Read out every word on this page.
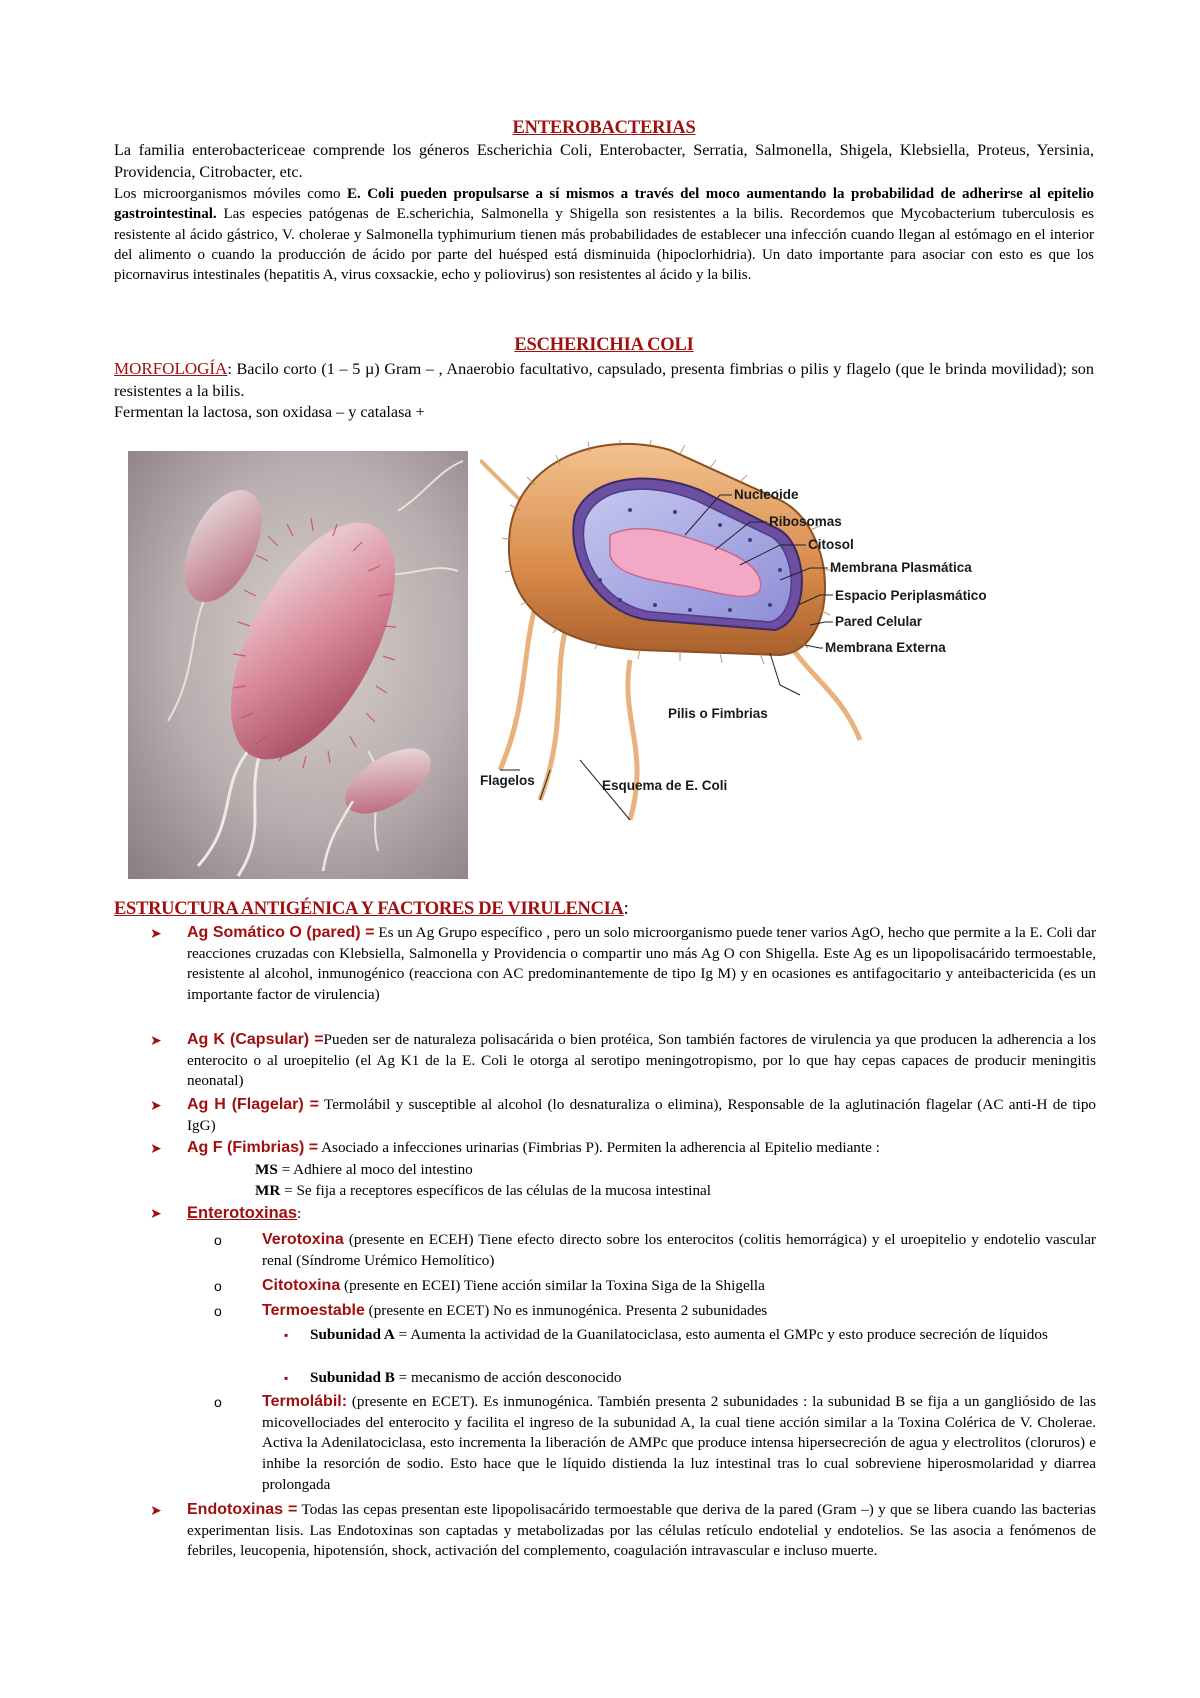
ENTEROBACTERIAS

La familia enterobactericeae comprende los géneros Escherichia Coli, Enterobacter, Serratia, Salmonella, Shigela, Klebsiella, Proteus, Yersinia, Providencia, Citrobacter, etc.

Los microorganismos móviles como E. Coli pueden propulsarse a sí mismos a través del moco aumentando la probabilidad de adherirse al epitelio gastrointestinal. Las especies patógenas de E.scherichia, Salmonella y Shigella son resistentes a la bilis. Recordemos que Mycobacterium tuberculosis es resistente al ácido gástrico, V. cholerae y Salmonella typhimurium tienen más probabilidades de establecer una infección cuando llegan al estómago en el interior del alimento o cuando la producción de ácido por parte del huésped está disminuida (hipoclorhidria). Un dato importante para asociar con esto es que los picornavirus intestinales (hepatitis A, virus coxsackie, echo y poliovirus) son resistentes al ácido y la bilis.

ESCHERICHIA COLI

MORFOLOGÍA: Bacilo corto (1 – 5 µ) Gram – , Anaerobio facultativo, capsulado, presenta fimbrias o pilis y flagelo (que le brinda movilidad); son resistentes a la bilis.

Fermentan la lactosa, son oxidasa – y catalasa +

Nucleoide
Ribosomas
Citosol
Membrana Plasmática
Espacio Periplasmático
Pared Celular
Membrana Externa
Pilis o Fimbrias
Flagelos	Esquema de E. Coli
ESTRUCTURA ANTIGÉNICA Y FACTORES DE VIRULENCIA:
➤ Ag Somático O (pared) = Es un Ag Grupo específico , pero un solo microorganismo puede tener varios AgO, hecho que permite a la E. Coli dar reacciones cruzadas con Klebsiella, Salmonella y Providencia o compartir uno más Ag O con Shigella. Este Ag es un lipopolisacárido termoestable, resistente al alcohol, inmunogénico (reacciona con AC predominantemente de tipo Ig M) y en ocasiones es antifagocitario y anteibactericida (es un importante factor de virulencia)
➤ Ag K (Capsular) =Pueden ser de naturaleza polisacárida o bien protéica, Son también factores de virulencia ya que producen la adherencia a los enterocito o al uroepitelio (el Ag K1 de la E. Coli le otorga al serotipo meningotropismo, por lo que hay cepas capaces de producir meningitis neonatal)
➤ Ag H (Flagelar) = Termolábil y susceptible al alcohol (lo desnaturaliza o elimina), Responsable de la aglutinación flagelar (AC anti-H de tipo IgG)
➤ Ag F (Fimbrias) = Asociado a infecciones urinarias (Fimbrias P). Permiten la adherencia al Epitelio mediante :
MS = Adhiere al moco del intestino
MR = Se fija a receptores específicos de las células de la mucosa intestinal
➤ Enterotoxinas:
o	Verotoxina (presente en ECEH) Tiene efecto directo sobre los enterocitos (colitis hemorrágica) y el uroepitelio y endotelio vascular renal (Síndrome Urémico Hemolítico)
o	Citotoxina (presente en ECEI) Tiene acción similar la Toxina Siga de la Shigella
o	Termoestable (presente en ECET) No es inmunogénica. Presenta 2 subunidades
▪ Subunidad A = Aumenta la actividad de la Guanilatociclasa, esto aumenta el GMPc y esto produce secreción de líquidos
▪ Subunidad B = mecanismo de acción desconocido
o	Termolábil: (presente en ECET). Es inmunogénica. También presenta 2 subunidades : la subunidad B se fija a un gangliósido de las micovellociades del enterocito y facilita el ingreso de la subunidad A, la cual tiene acción similar a la Toxina Colérica de V. Cholerae. Activa la Adenilatociclasa, esto incrementa la liberación de AMPc que produce intensa hipersecreción de agua y electrolitos (cloruros) e inhibe la resorción de sodio. Esto hace que le líquido distienda la luz intestinal tras lo cual sobreviene hiperosmolaridad y diarrea prolongada
➤ Endotoxinas = Todas las cepas presentan este lipopolisacárido termoestable que deriva de la pared (Gram –) y que se libera cuando las bacterias experimentan lisis. Las Endotoxinas son captadas y metabolizadas por las células retículo endotelial y endotelios. Se las asocia a fenómenos de febriles, leucopenia, hipotensión, shock, activación del complemento, coagulación intravascular e incluso muerte.
